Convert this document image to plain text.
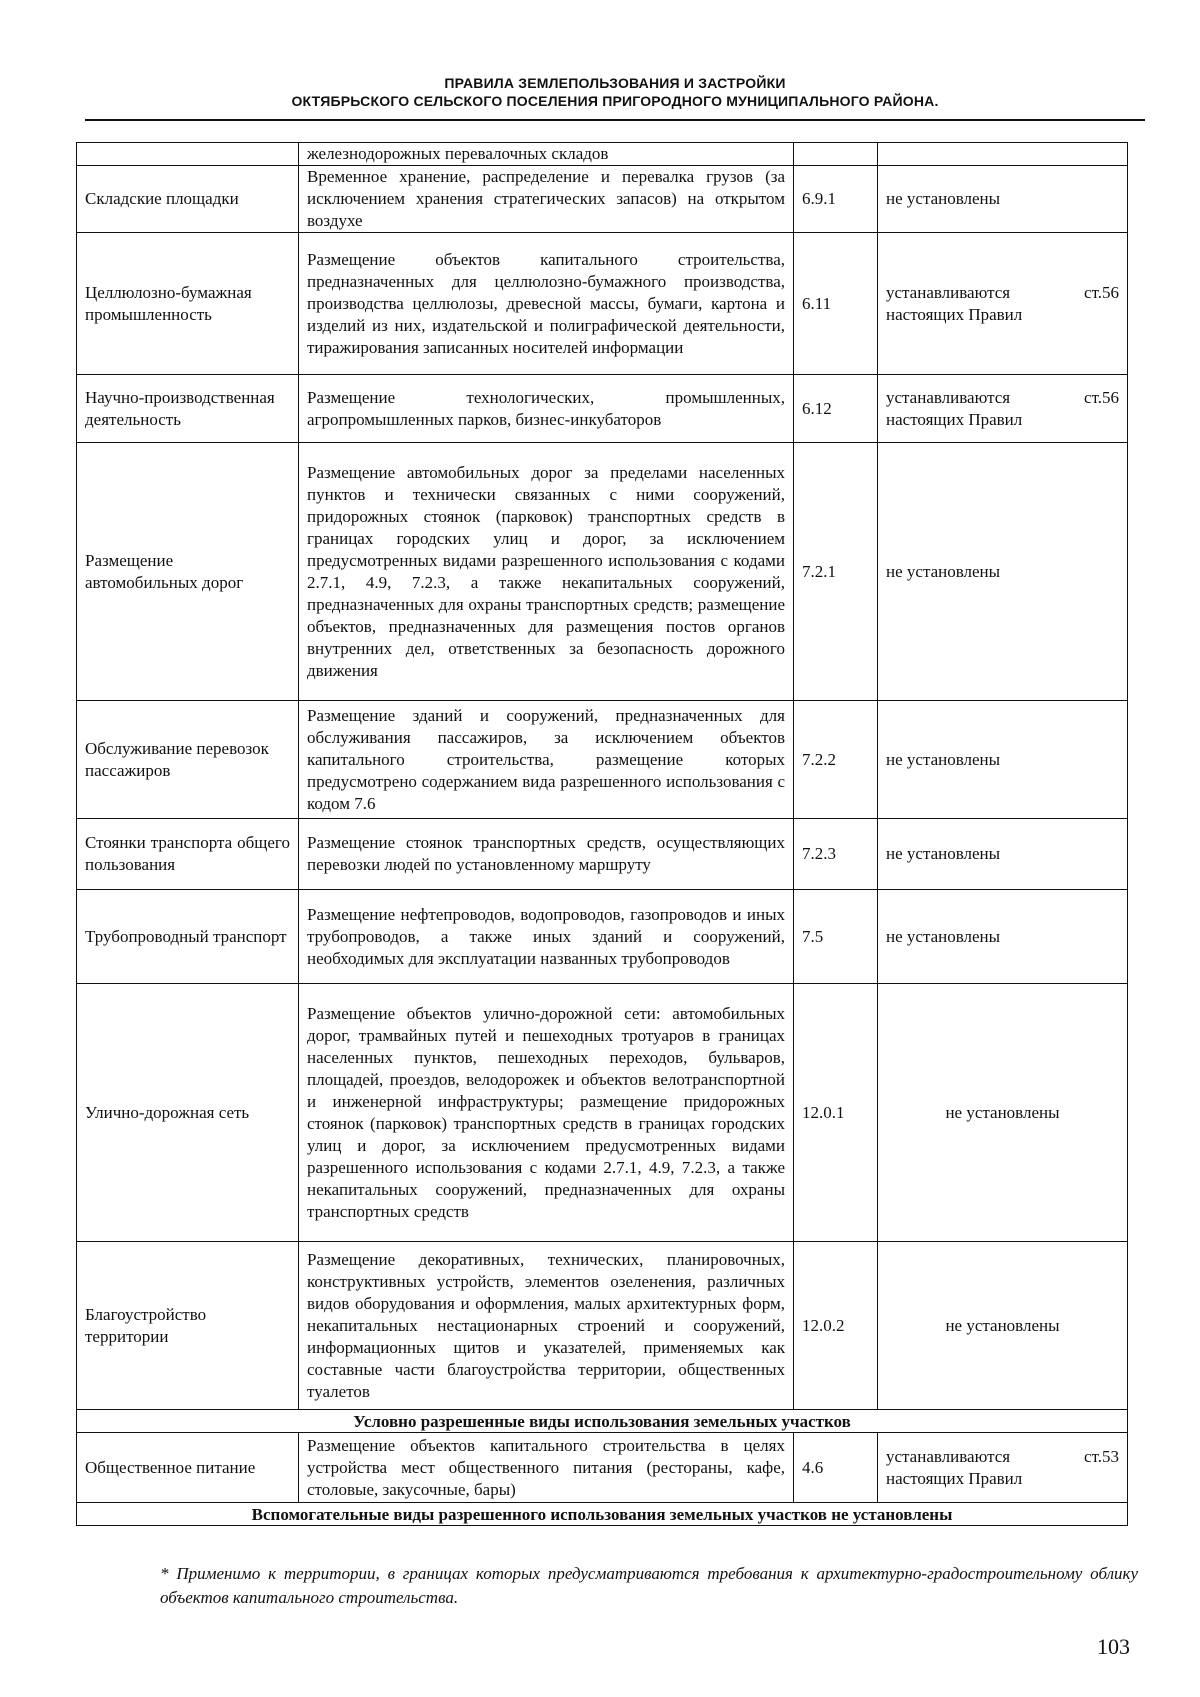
ПРАВИЛА ЗЕМЛЕПОЛЬЗОВАНИЯ И ЗАСТРОЙКИ
ОКТЯБРЬСКОГО СЕЛЬСКОГО ПОСЕЛЕНИЯ ПРИГОРОДНОГО МУНИЦИПАЛЬНОГО РАЙОНА.
	железнодорожных перевалочных складов		
Складские площадки	Временное хранение, распределение и перевалка грузов (за исключением хранения стратегических запасов) на открытом воздухе	6.9.1	не установлены
Целлюлозно-бумажная промышленность	Размещение объектов капитального строительства, предназначенных для целлюлозно-бумажного производства, производства целлюлозы, древесной массы, бумаги, картона и изделий из них, издательской и полиграфической деятельности, тиражирования записанных носителей информации	6.11	устанавливаются ст.56 настоящих Правил
Научно-производственная деятельность	Размещение технологических, промышленных, агропромышленных парков, бизнес-инкубаторов	6.12	устанавливаются ст.56 настоящих Правил
Размещение автомобильных дорог	Размещение автомобильных дорог за пределами населенных пунктов и технически связанных с ними сооружений, придорожных стоянок (парковок) транспортных средств в границах городских улиц и дорог, за исключением предусмотренных видами разрешенного использования с кодами 2.7.1, 4.9, 7.2.3, а также некапитальных сооружений, предназначенных для охраны транспортных средств; размещение объектов, предназначенных для размещения постов органов внутренних дел, ответственных за безопасность дорожного движения	7.2.1	не установлены
Обслуживание перевозок пассажиров	Размещение зданий и сооружений, предназначенных для обслуживания пассажиров, за исключением объектов капитального строительства, размещение которых предусмотрено содержанием вида разрешенного использования с кодом 7.6	7.2.2	не установлены
Стоянки транспорта общего пользования	Размещение стоянок транспортных средств, осуществляющих перевозки людей по установленному маршруту	7.2.3	не установлены
Трубопроводный транспорт	Размещение нефтепроводов, водопроводов, газопроводов и иных трубопроводов, а также иных зданий и сооружений, необходимых для эксплуатации названных трубопроводов	7.5	не установлены
Улично-дорожная сеть	Размещение объектов улично-дорожной сети: автомобильных дорог, трамвайных путей и пешеходных тротуаров в границах населенных пунктов, пешеходных переходов, бульваров, площадей, проездов, велодорожек и объектов велотранспортной и инженерной инфраструктуры; размещение придорожных стоянок (парковок) транспортных средств в границах городских улиц и дорог, за исключением предусмотренных видами разрешенного использования с кодами 2.7.1, 4.9, 7.2.3, а также некапитальных сооружений, предназначенных для охраны транспортных средств	12.0.1	не установлены
Благоустройство территории	Размещение декоративных, технических, планировочных, конструктивных устройств, элементов озеленения, различных видов оборудования и оформления, малых архитектурных форм, некапитальных нестационарных строений и сооружений, информационных щитов и указателей, применяемых как составные части благоустройства территории, общественных туалетов	12.0.2	не установлены
Условно разрешенные виды использования земельных участков			
Общественное питание	Размещение объектов капитального строительства в целях устройства мест общественного питания (рестораны, кафе, столовые, закусочные, бары)	4.6	устанавливаются ст.53 настоящих Правил
Вспомогательные виды разрешенного использования земельных участков не установлены			
* Применимо к территории, в границах которых предусматриваются требования к архитектурно-градостроительному облику объектов капитального строительства.
103
